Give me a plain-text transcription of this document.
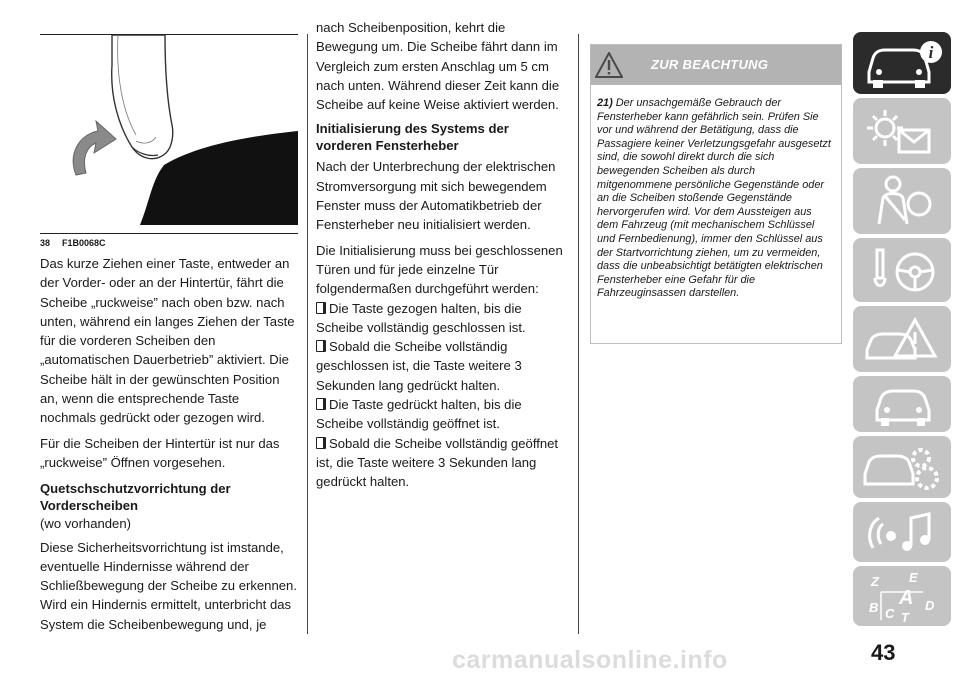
38 F1B0068C

Das kurze Ziehen einer Taste, entweder an der Vorder- oder an der Hintertür, fährt die Scheibe „ruckweise” nach oben bzw. nach unten, während ein langes Ziehen der Taste für die vorderen Scheiben den „automatischen Dauerbetrieb” aktiviert. Die Scheibe hält in der gewünschten Position an, wenn die entsprechende Taste nochmals gedrückt oder gezogen wird.

Für die Scheiben der Hintertür ist nur das „ruckweise” Öffnen vorgesehen.

Quetschschutzvorrichtung der Vorderscheiben

(wo vorhanden)

Diese Sicherheitsvorrichtung ist imstande, eventuelle Hindernisse während der Schließbewegung der Scheibe zu erkennen. Wird ein Hindernis ermittelt, unterbricht das System die Scheibenbewegung und, je

nach Scheibenposition, kehrt die Bewegung um. Die Scheibe fährt dann im Vergleich zum ersten Anschlag um 5 cm nach unten. Während dieser Zeit kann die Scheibe auf keine Weise aktiviert werden.

Initialisierung des Systems der vorderen Fensterheber

Nach der Unterbrechung der elektrischen Stromversorgung mit sich bewegendem Fenster muss der Automatikbetrieb der Fensterheber neu initialisiert werden.

Die Initialisierung muss bei geschlossenen Türen und für jede einzelne Tür folgendermaßen durchgeführt werden:

Die Taste gezogen halten, bis die Scheibe vollständig geschlossen ist.

Sobald die Scheibe vollständig geschlossen ist, die Taste weitere 3 Sekunden lang gedrückt halten.

Die Taste gedrückt halten, bis die Scheibe vollständig geöffnet ist.

Sobald die Scheibe vollständig geöffnet ist, die Taste weitere 3 Sekunden lang gedrückt halten.

ZUR BEACHTUNG
21) Der unsachgemäße Gebrauch der Fensterheber kann gefährlich sein. Prüfen Sie vor und während der Betätigung, dass die Passagiere keiner Verletzungsgefahr ausgesetzt sind, die sowohl direkt durch die sich bewegenden Scheiben als durch mitgenommene persönliche Gegenstände oder an die Scheiben stoßende Gegenstände hervorgerufen wird. Vor dem Aussteigen aus dem Fahrzeug (mit mechanischem Schlüssel und Fernbedienung), immer den Schlüssel aus der Startvorrichtung ziehen, um zu vermeiden, dass die unbeabsichtigt betätigten elektrischen Fensterheber eine Gefahr für die Fahrzeuginsassen darstellen.
i
Z E
B A
C
D
T
43
carmanualsonline.info
